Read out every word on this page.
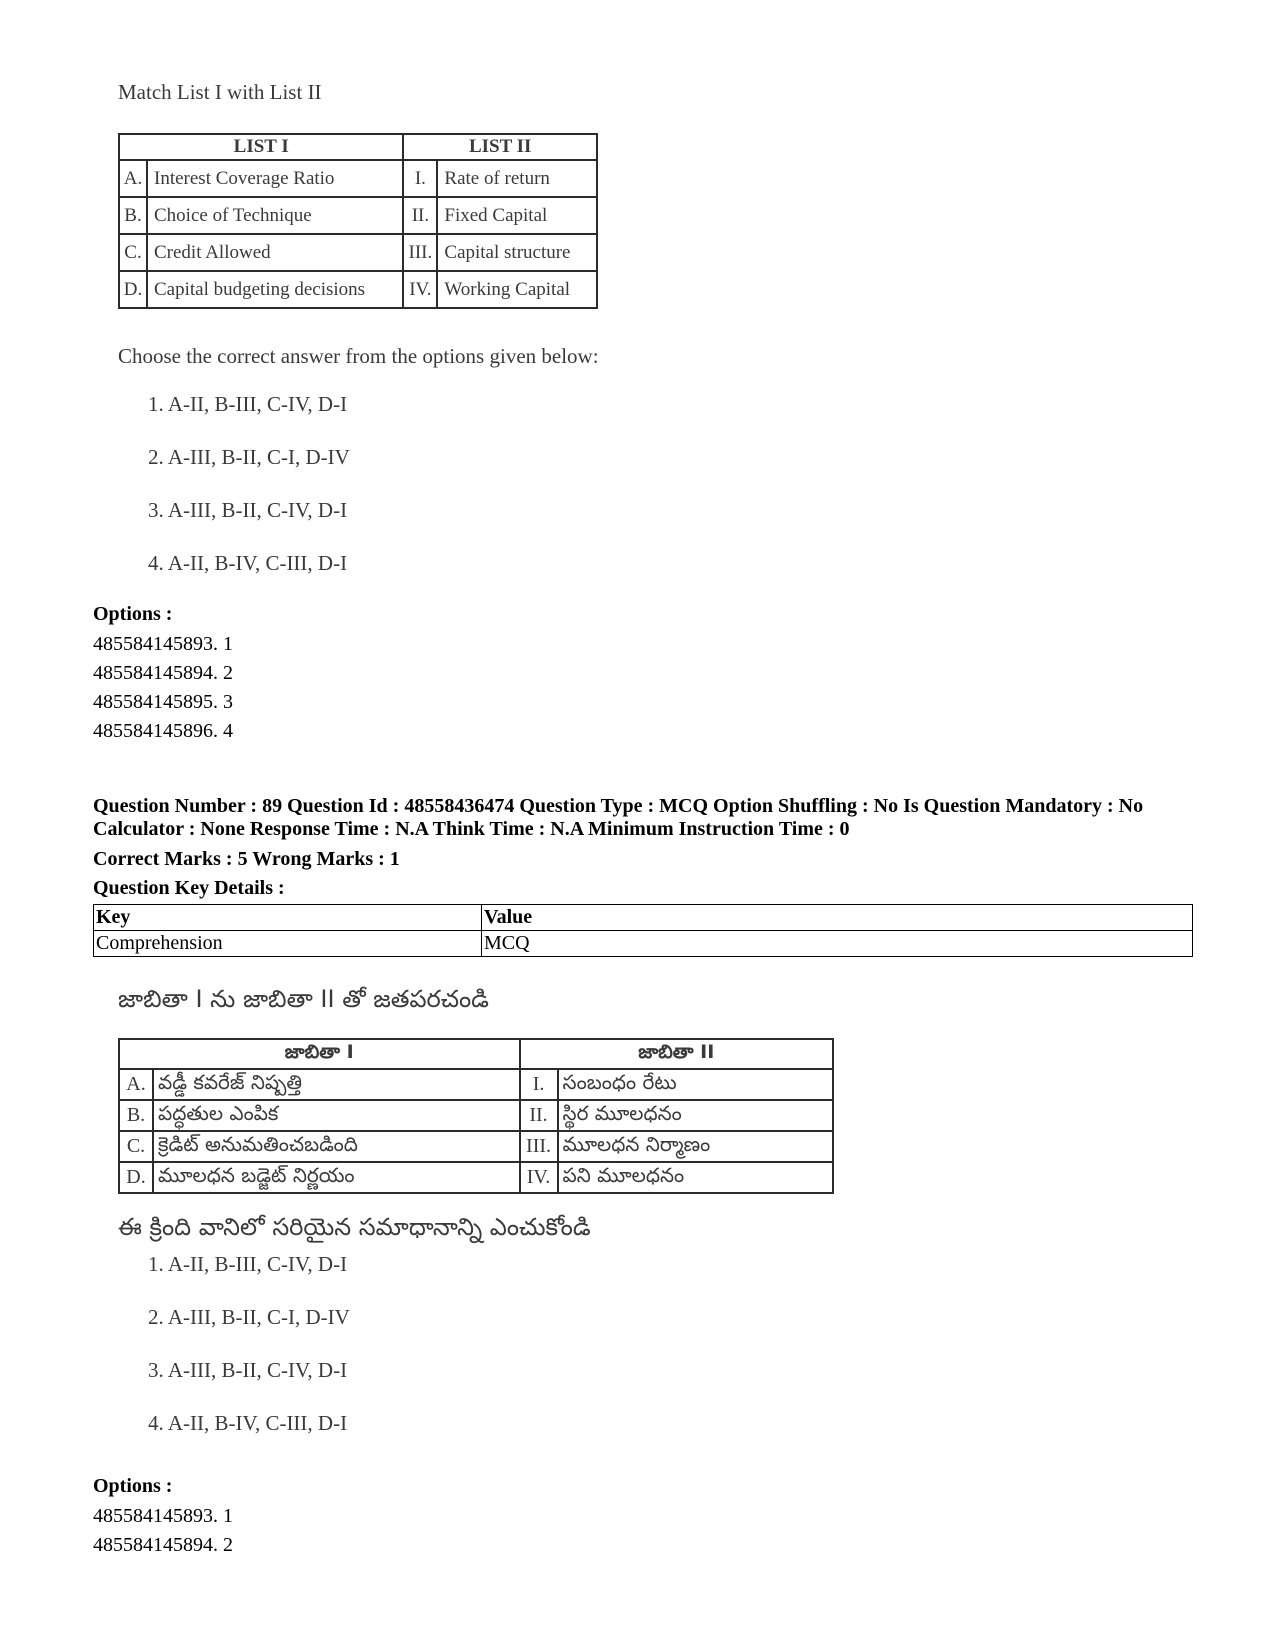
Match List I with List II
LIST I		LIST II	
A.	Interest Coverage Ratio	I.	Rate of return
B.	Choice of Technique	II.	Fixed Capital
C.	Credit Allowed	III.	Capital structure
D.	Capital budgeting decisions	IV.	Working Capital
Choose the correct answer from the options given below:
1. A-II, B-III, C-IV, D-I
2. A-III, B-II, C-I, D-IV
3. A-III, B-II, C-IV, D-I
4. A-II, B-IV, C-III, D-I
Options :
485584145893. 1
485584145894. 2
485584145895. 3
485584145896. 4
Question Number : 89 Question Id : 48558436474 Question Type : MCQ Option Shuffling : No Is Question Mandatory : No Calculator : None Response Time : N.A Think Time : N.A Minimum Instruction Time : 0
Correct Marks : 5 Wrong Marks : 1
Question Key Details :
Key	Value
Comprehension	MCQ
జాబితా I ను జాబితా II తో జతపరచండి
జాబితా I		జాబితా II	
A.	వడ్డీ కవరేజ్ నిష్పత్తి	I.	సంబంధం రేటు
B.	పద్ధతుల ఎంపిక	II.	స్థిర మూలధనం
C.	క్రెడిట్ అనుమతించబడింది	III.	మూలధన నిర్మాణం
D.	మూలధన బడ్జెట్ నిర్ణయం	IV.	పని మూలధనం
ఈ క్రింది వానిలో సరియైన సమాధానాన్ని ఎంచుకోండి
1. A-II, B-III, C-IV, D-I
2. A-III, B-II, C-I, D-IV
3. A-III, B-II, C-IV, D-I
4. A-II, B-IV, C-III, D-I
Options :
485584145893. 1
485584145894. 2
